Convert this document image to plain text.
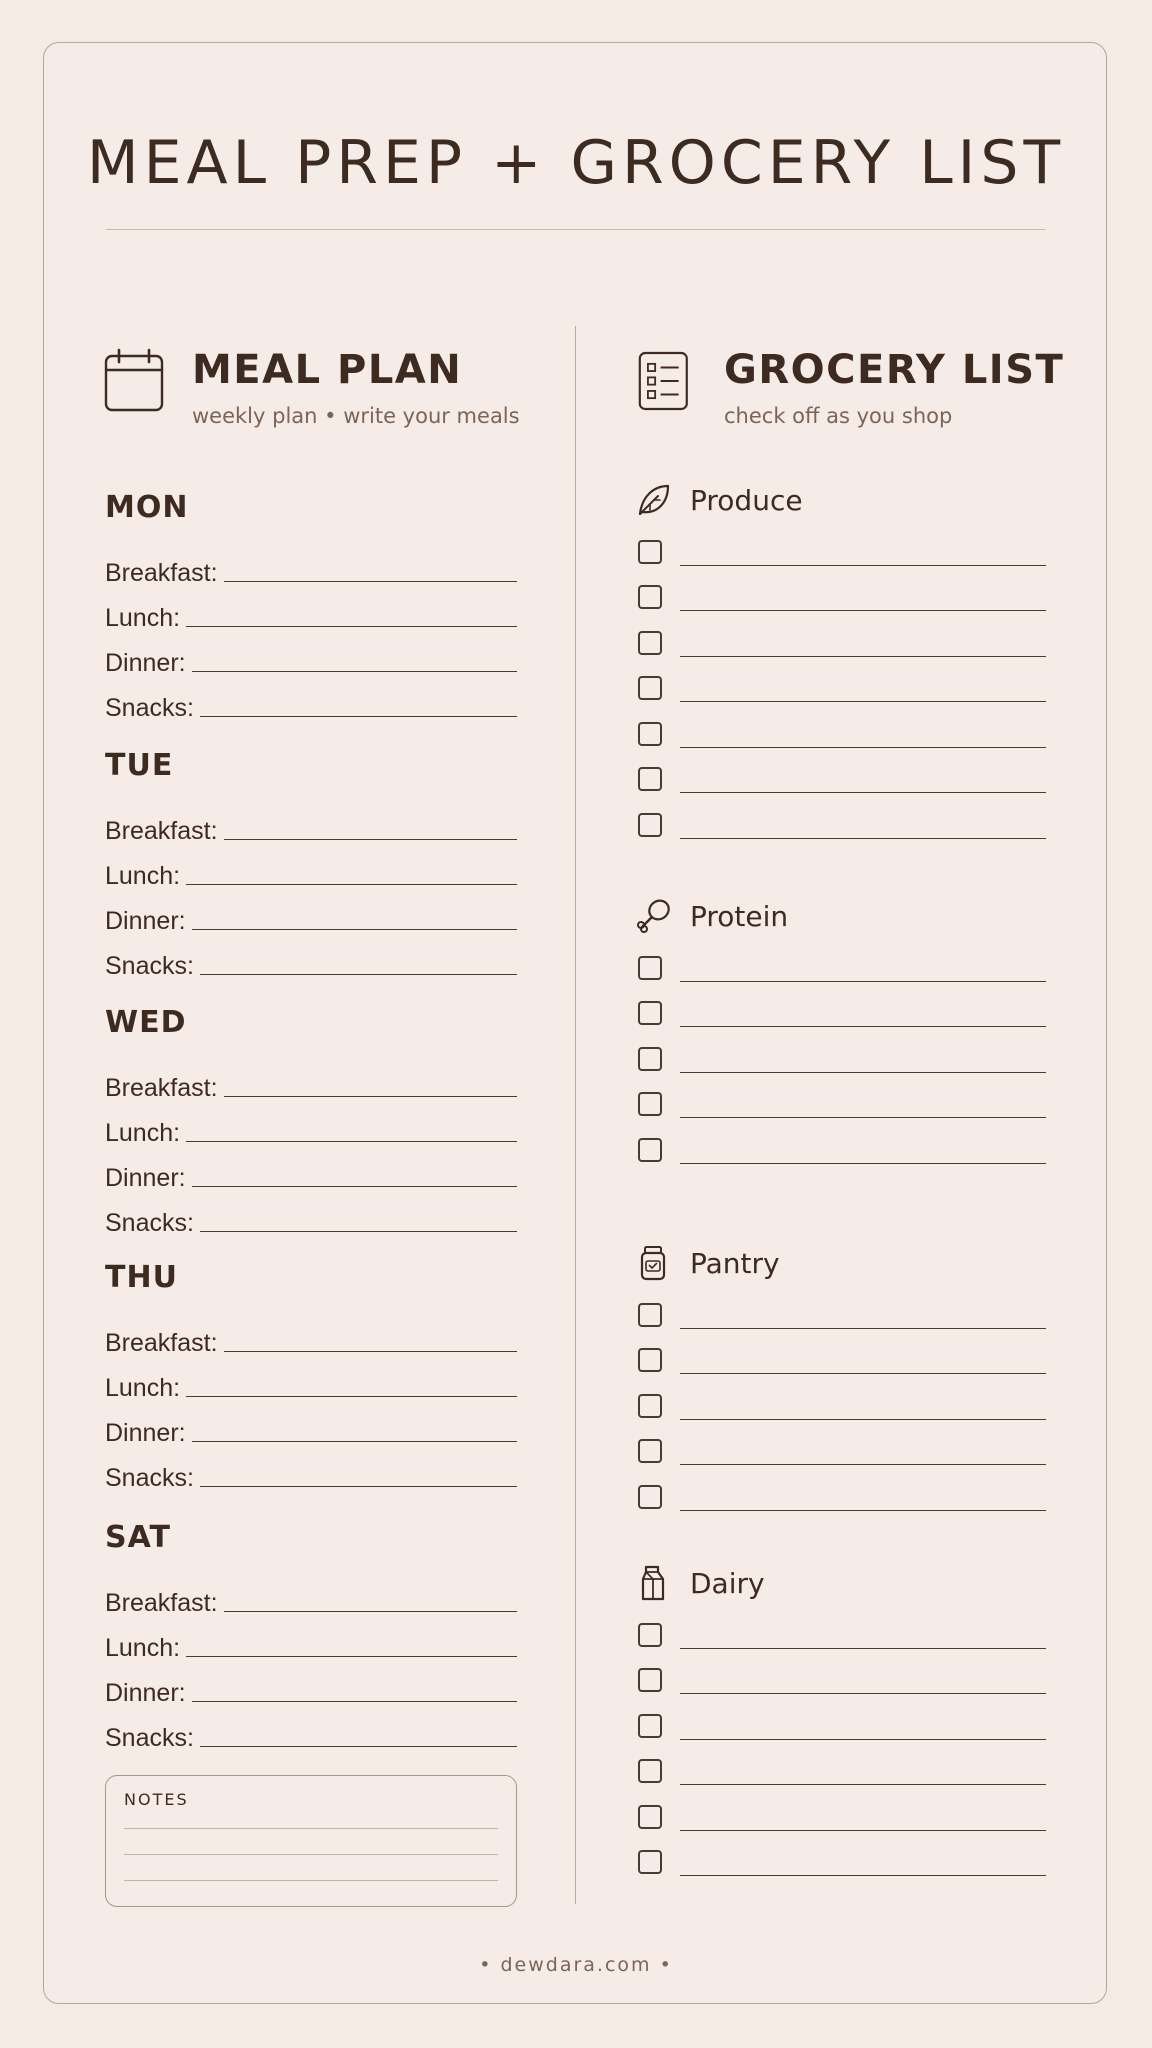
MEAL PREP + GROCERY LIST
MEAL PLAN
weekly plan • write your meals
MON
Breakfast:
Lunch:
Dinner:
Snacks:
TUE
Breakfast:
Lunch:
Dinner:
Snacks:
WED
Breakfast:
Lunch:
Dinner:
Snacks:
THU
Breakfast:
Lunch:
Dinner:
Snacks:
SAT
Breakfast:
Lunch:
Dinner:
Snacks:
NOTES
GROCERY LIST
check off as you shop
Produce
Protein
Pantry
Dairy
• dewdara.com •
